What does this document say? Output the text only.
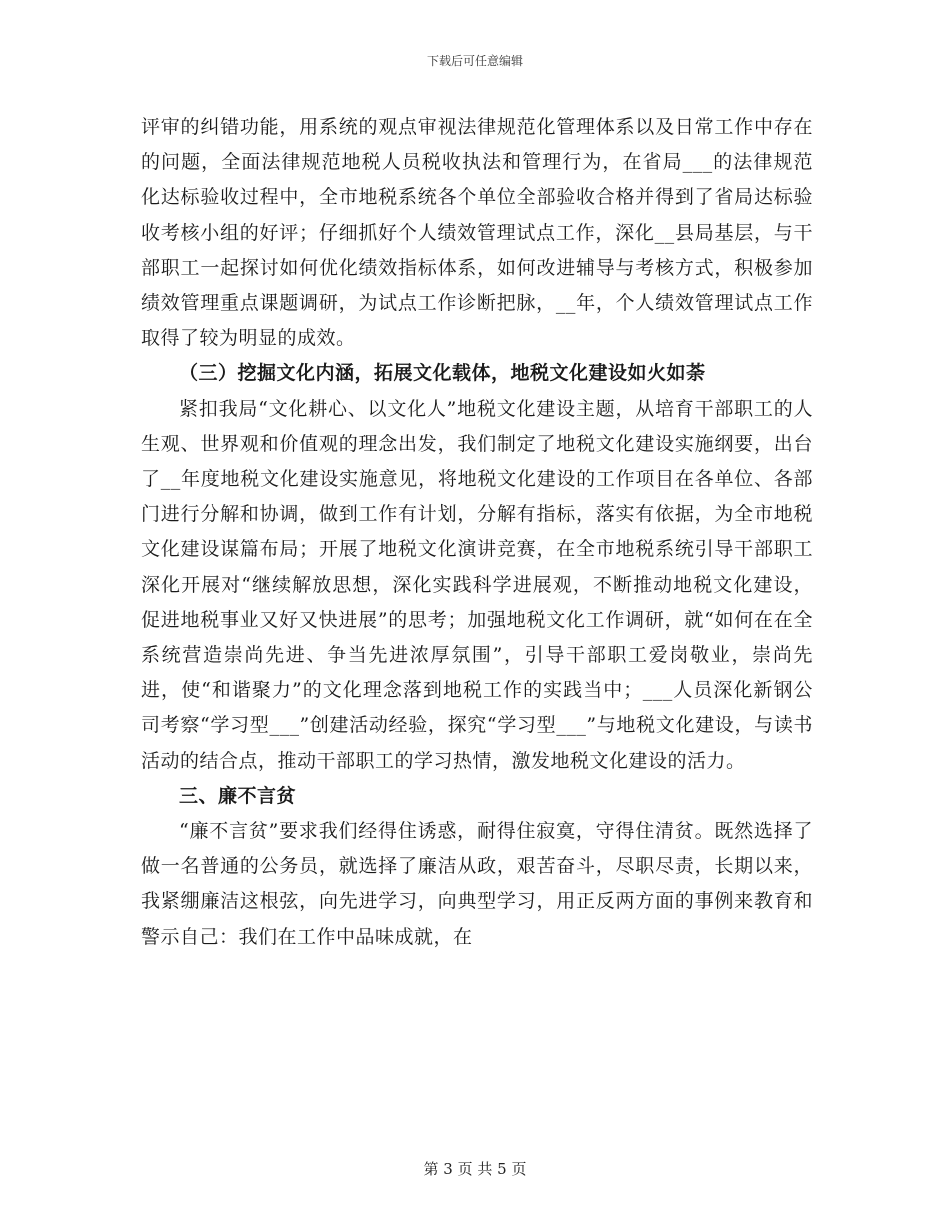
下载后可任意编辑

评审的纠错功能，用系统的观点审视法律规范化管理体系以及日常工作中存在的问题，全面法律规范地税人员税收执法和管理行为，在省局___的法律规范化达标验收过程中，全市地税系统各个单位全部验收合格并得到了省局达标验收考核小组的好评；仔细抓好个人绩效管理试点工作，深化__县局基层，与干部职工一起探讨如何优化绩效指标体系，如何改进辅导与考核方式，积极参加绩效管理重点课题调研，为试点工作诊断把脉，__年，个人绩效管理试点工作取得了较为明显的成效。

（三）挖掘文化内涵，拓展文化载体，地税文化建设如火如荼

紧扣我局“文化耕心、以文化人”地税文化建设主题，从培育干部职工的人生观、世界观和价值观的理念出发，我们制定了地税文化建设实施纲要，出台了__年度地税文化建设实施意见，将地税文化建设的工作项目在各单位、各部门进行分解和协调，做到工作有计划，分解有指标，落实有依据，为全市地税文化建设谋篇布局；开展了地税文化演讲竞赛，在全市地税系统引导干部职工深化开展对“继续解放思想，深化实践科学进展观，不断推动地税文化建设，促进地税事业又好又快进展”的思考；加强地税文化工作调研，就“如何在在全系统营造崇尚先进、争当先进浓厚氛围”，引导干部职工爱岗敬业，崇尚先进，使“和谐聚力”的文化理念落到地税工作的实践当中；___人员深化新钢公司考察“学习型___”创建活动经验，探究“学习型___”与地税文化建设，与读书活动的结合点，推动干部职工的学习热情，激发地税文化建设的活力。

三、廉不言贫

“廉不言贫”要求我们经得住诱惑，耐得住寂寞，守得住清贫。既然选择了做一名普通的公务员，就选择了廉洁从政，艰苦奋斗，尽职尽责，长期以来，我紧绷廉洁这根弦，向先进学习，向典型学习，用正反两方面的事例来教育和警示自己：我们在工作中品味成就，在

第 3 页 共 5 页
